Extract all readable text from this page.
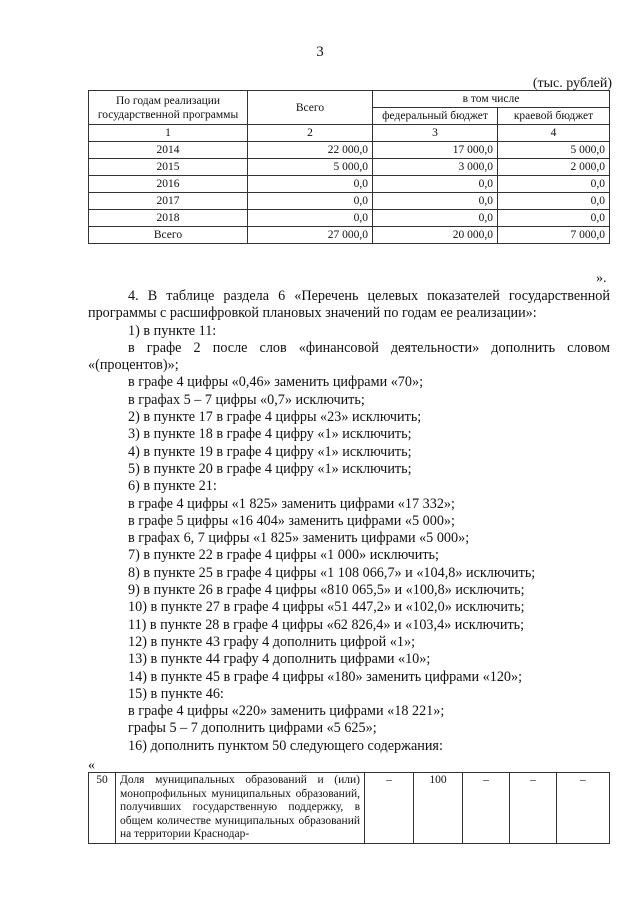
3
(тыс. рублей)
По годам реализации государственной программы	Всего	в том числе	
		федеральный бюджет	краевой бюджет
1	2	3	4
2014	22 000,0	17 000,0	5 000,0
2015	5 000,0	3 000,0	2 000,0
2016	0,0	0,0	0,0
2017	0,0	0,0	0,0
2018	0,0	0,0	0,0
Всего	27 000,0	20 000,0	7 000,0
».
4. В таблице раздела 6 «Перечень целевых показателей государственной программы с расшифровкой плановых значений по годам ее реализации»:
1) в пункте 11:
в графе 2 после слов «финансовой деятельности» дополнить словом «(процентов)»;
в графе 4 цифры «0,46» заменить цифрами «70»;
в графах 5 – 7 цифры «0,7» исключить;
2) в пункте 17 в графе 4 цифры «23» исключить;
3) в пункте 18 в графе 4 цифру «1» исключить;
4) в пункте 19 в графе 4 цифру «1» исключить;
5) в пункте 20 в графе 4 цифру «1» исключить;
6) в пункте 21:
в графе 4 цифры «1 825» заменить цифрами «17 332»;
в графе 5 цифры «16 404» заменить цифрами «5 000»;
в графах 6, 7 цифры «1 825» заменить цифрами «5 000»;
7) в пункте 22 в графе 4 цифры «1 000» исключить;
8) в пункте 25 в графе 4 цифры «1 108 066,7» и «104,8» исключить;
9) в пункте 26 в графе 4 цифры «810 065,5» и «100,8» исключить;
10) в пункте 27 в графе 4 цифры «51 447,2» и «102,0» исключить;
11) в пункте 28 в графе 4 цифры «62 826,4» и «103,4» исключить;
12) в пункте 43 графу 4 дополнить цифрой «1»;
13) в пункте 44 графу 4 дополнить цифрами «10»;
14) в пункте 45 в графе 4 цифры «180» заменить цифрами «120»;
15) в пункте 46:
в графе 4 цифры «220» заменить цифрами «18 221»;
графы 5 – 7 дополнить цифрами «5 625»;
16) дополнить пунктом 50 следующего содержания:
«
50	Доля муниципальных образований и (или) монопрофильных муниципальных образований, получивших государственную поддержку, в общем количестве муниципальных образований на территории Краснодар-	–	100	–	–	–
